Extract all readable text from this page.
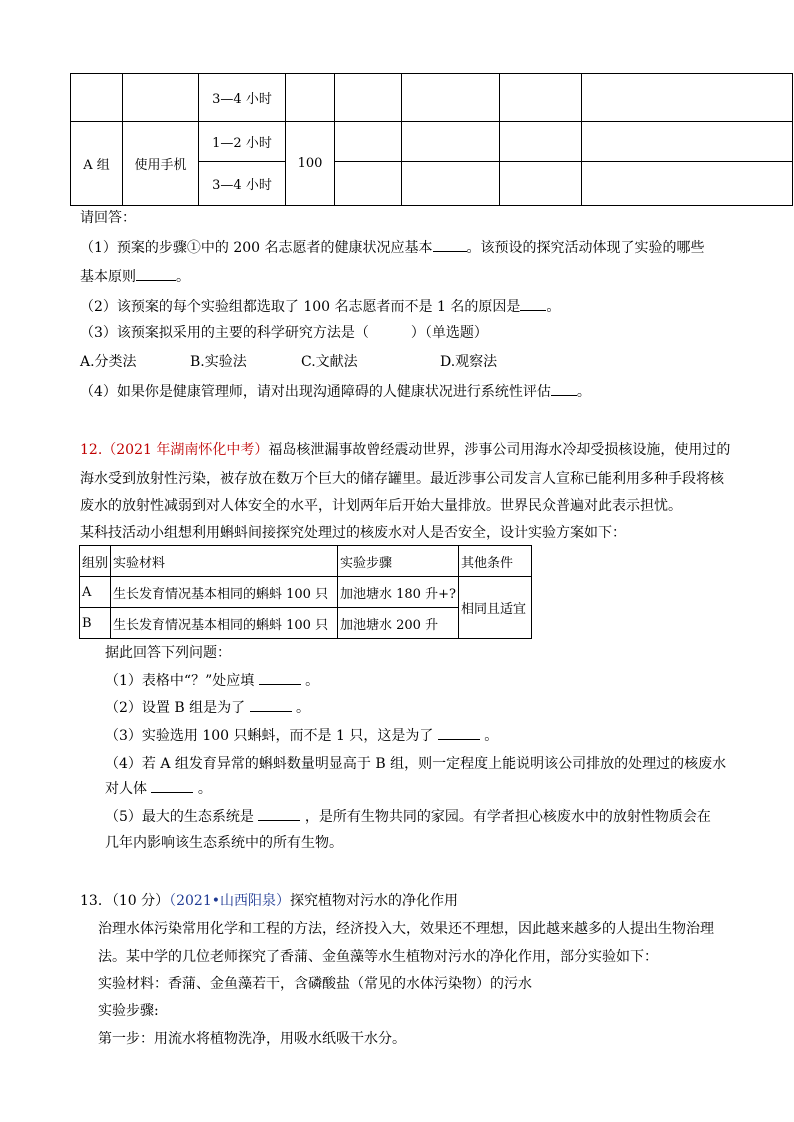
		3—4 小时					
A 组	使用手机	1—2 小时	100				
		3—4 小时					
请回答：
（1）预案的步骤①中的 200 名志愿者的健康状况应基本 。该预设的探究活动体现了实验的哪些
基本原则	。
（2）该预案的每个实验组都选取了 100 名志愿者而不是 1 名的原因是 。
（3）该预案拟采用的主要的科学研究方法是（　　　）（单选题）
A.分类法	B.实验法	C.文献法	D.观察法
（4）如果你是健康管理师，请对出现沟通障碍的人健康状况进行系统性评估 。
12.（2021 年湖南怀化中考）福岛核泄漏事故曾经震动世界，涉事公司用海水冷却受损核设施，使用过的
海水受到放射性污染，被存放在数万个巨大的储存罐里。最近涉事公司发言人宣称已能利用多种手段将核
废水的放射性减弱到对人体安全的水平，计划两年后开始大量排放。世界民众普遍对此表示担忧。
某科技活动小组想利用蝌蚪间接探究处理过的核废水对人是否安全，设计实验方案如下：
组别	实验材料	实验步骤	其他条件
A	生长发育情况基本相同的蝌蚪 100 只	加池塘水 180 升+?	相同且适宜
B	生长发育情况基本相同的蝌蚪 100 只	加池塘水 200 升	
据此回答下列问题：
（1）表格中“？”处应填	。
（2）设置 B 组是为了	。
（3）实验选用 100 只蝌蚪，而不是 1 只，这是为了	。
（4）若 A 组发育异常的蝌蚪数量明显高于 B 组，则一定程度上能说明该公司排放的处理过的核废水
对人体	。
（5）最大的生态系统是	，是所有生物共同的家园。有学者担心核废水中的放射性物质会在
几年内影响该生态系统中的所有生物。
13．（10 分）（2021•山西阳泉）探究植物对污水的净化作用
治理水体污染常用化学和工程的方法，经济投入大，效果还不理想，因此越来越多的人提出生物治理
法。某中学的几位老师探究了香蒲、金鱼藻等水生植物对污水的净化作用，部分实验如下：
实验材料：香蒲、金鱼藻若干，含磷酸盐（常见的水体污染物）的污水
实验步骤:
第一步：用流水将植物洗净，用吸水纸吸干水分。
